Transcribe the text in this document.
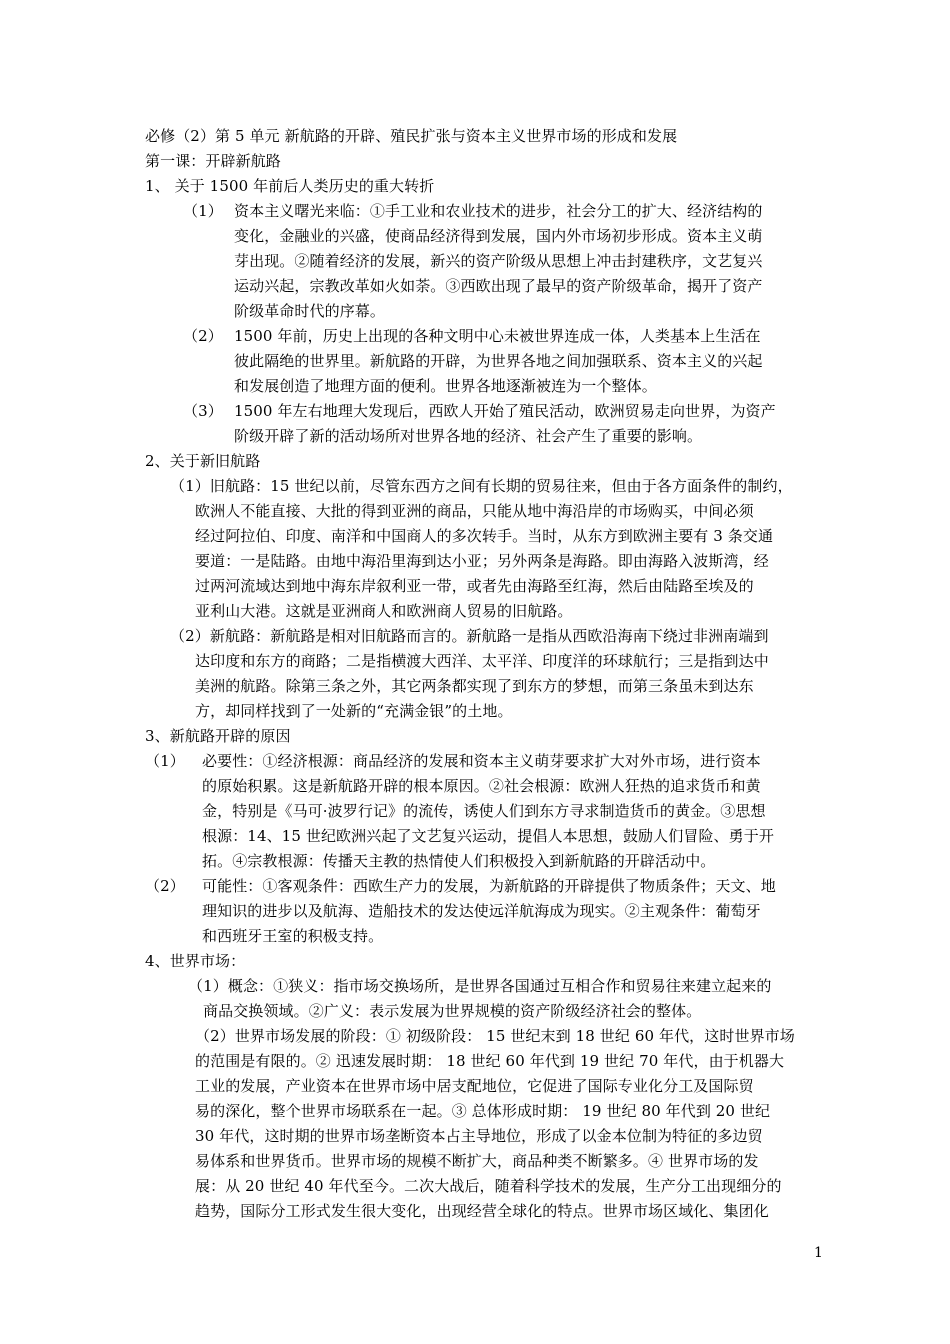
必修（2）第 5 单元 新航路的开辟、殖民扩张与资本主义世界市场的形成和发展
第一课：开辟新航路
1、 关于 1500 年前后人类历史的重大转折
（1） 资本主义曙光来临：①手工业和农业技术的进步，社会分工的扩大、经济结构的
变化，金融业的兴盛，使商品经济得到发展，国内外市场初步形成。资本主义萌
芽出现。②随着经济的发展，新兴的资产阶级从思想上冲击封建秩序，文艺复兴
运动兴起，宗教改革如火如荼。③西欧出现了最早的资产阶级革命，揭开了资产
阶级革命时代的序幕。
（2） 1500 年前，历史上出现的各种文明中心未被世界连成一体，人类基本上生活在
彼此隔绝的世界里。新航路的开辟，为世界各地之间加强联系、资本主义的兴起
和发展创造了地理方面的便利。世界各地逐渐被连为一个整体。
（3） 1500 年左右地理大发现后，西欧人开始了殖民活动，欧洲贸易走向世界，为资产
阶级开辟了新的活动场所对世界各地的经济、社会产生了重要的影响。
2、关于新旧航路
（1）旧航路：15 世纪以前，尽管东西方之间有长期的贸易往来，但由于各方面条件的制约，
欧洲人不能直接、大批的得到亚洲的商品，只能从地中海沿岸的市场购买，中间必须
经过阿拉伯、印度、南洋和中国商人的多次转手。当时，从东方到欧洲主要有 3 条交通
要道：一是陆路。由地中海沿里海到达小亚；另外两条是海路。即由海路入波斯湾，经
过两河流域达到地中海东岸叙利亚一带，或者先由海路至红海，然后由陆路至埃及的
亚利山大港。这就是亚洲商人和欧洲商人贸易的旧航路。
（2）新航路：新航路是相对旧航路而言的。新航路一是指从西欧沿海南下绕过非洲南端到
达印度和东方的商路；二是指横渡大西洋、太平洋、印度洋的环球航行；三是指到达中
美洲的航路。除第三条之外，其它两条都实现了到东方的梦想，而第三条虽未到达东
方，却同样找到了一处新的“充满金银”的土地。
3、新航路开辟的原因
（1） 必要性：①经济根源：商品经济的发展和资本主义萌芽要求扩大对外市场，进行资本
的原始积累。这是新航路开辟的根本原因。②社会根源：欧洲人狂热的追求货币和黄
金，特别是《马可·波罗行记》的流传，诱使人们到东方寻求制造货币的黄金。③思想
根源：14、15 世纪欧洲兴起了文艺复兴运动，提倡人本思想，鼓励人们冒险、勇于开
拓。④宗教根源：传播天主教的热情使人们积极投入到新航路的开辟活动中。
（2） 可能性：①客观条件：西欧生产力的发展，为新航路的开辟提供了物质条件；天文、地
理知识的进步以及航海、造船技术的发达使远洋航海成为现实。②主观条件：葡萄牙
和西班牙王室的积极支持。
4、世界市场：
（1）概念：①狭义：指市场交换场所，是世界各国通过互相合作和贸易往来建立起来的
商品交换领域。②广义：表示发展为世界规模的资产阶级经济社会的整体。
（2）世界市场发展的阶段：① 初级阶段： 15 世纪末到 18 世纪 60 年代，这时世界市场
的范围是有限的。② 迅速发展时期： 18 世纪 60 年代到 19 世纪 70 年代，由于机器大
工业的发展，产业资本在世界市场中居支配地位，它促进了国际专业化分工及国际贸
易的深化，整个世界市场联系在一起。③ 总体形成时期： 19 世纪 80 年代到 20 世纪
30 年代，这时期的世界市场垄断资本占主导地位，形成了以金本位制为特征的多边贸
易体系和世界货币。世界市场的规模不断扩大，商品种类不断繁多。④ 世界市场的发
展：从 20 世纪 40 年代至今。二次大战后，随着科学技术的发展，生产分工出现细分的
趋势，国际分工形式发生很大变化，出现经营全球化的特点。世界市场区域化、集团化
1
